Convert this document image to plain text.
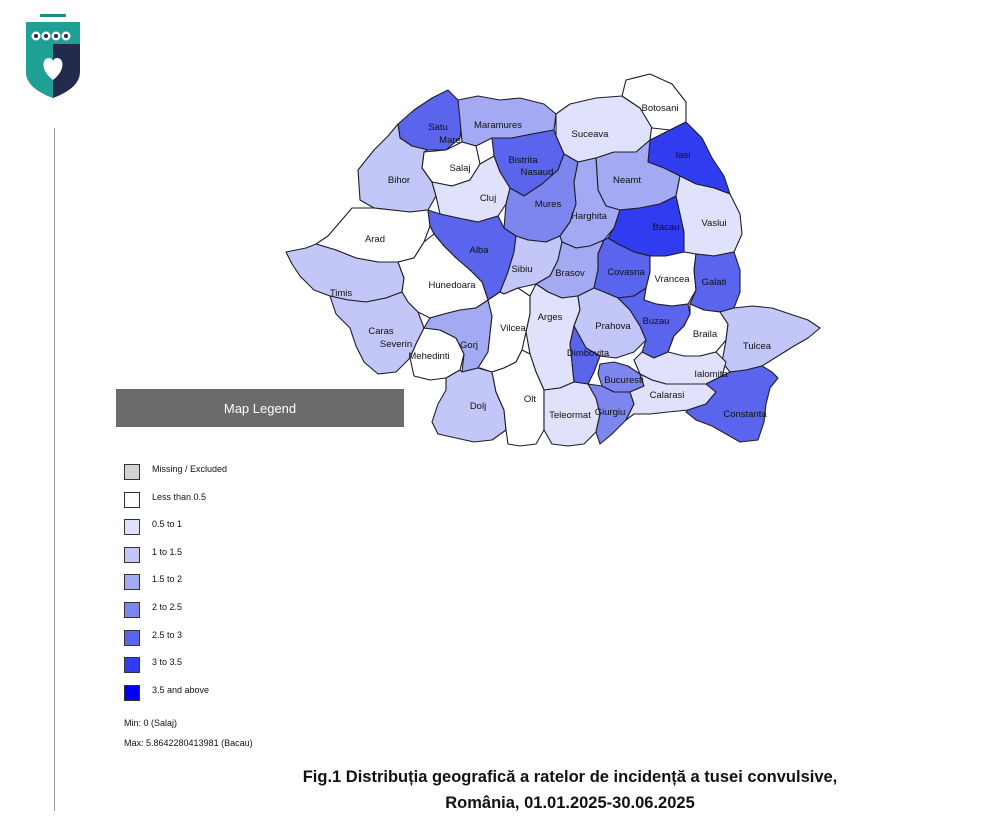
Satu
Mare
Maramures
Suceava
Botosani
Salaj
Bistrita
Nasaud
Iasi
Bihor
Cluj
Neamt
Mures
Harghita
Bacau Vaslui
Arad
Alba
Sibiu Brasov Covasna
Vrancea Galati
Timis
Hunedoara
Caras
Severin
Mehedinti
Gorj
Vilcea
Arges
Prahova Buzau
Braila
Tulcea
Dimbovita
Bucuresti
Ialomita
Dolj
Olt
Teleormat Giurgiu
Calarasi
Constanta
Map Legend
Missing / Excluded
Less than 0.5
0.5 to 1
1 to 1.5
1.5 to 2
2 to 2.5
2.5 to 3
3 to 3.5
3.5 and above
Min: 0 (Salaj)
Max: 5.8642280413981 (Bacau)
Fig.1 Distribuția geografică a ratelor de incidență a tusei convulsive,
România, 01.01.2025-30.06.2025
